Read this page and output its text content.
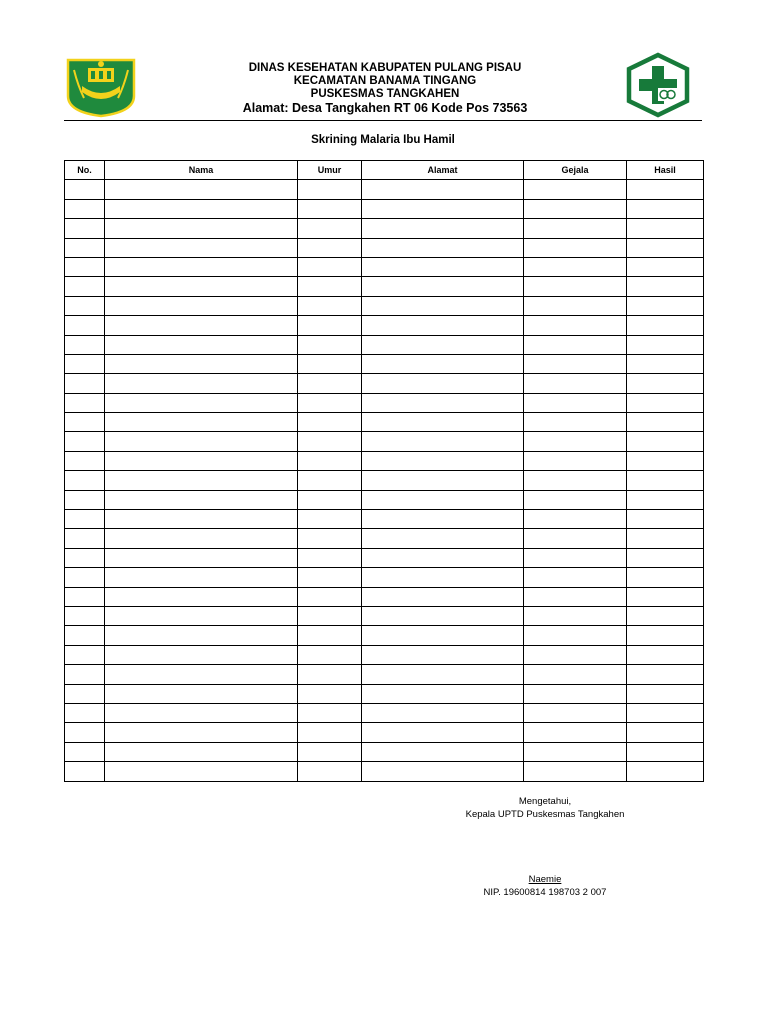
DINAS KESEHATAN KABUPATEN PULANG PISAU
KECAMATAN BANAMA TINGANG
PUSKESMAS TANGKAHEN
Alamat: Desa Tangkahen RT 06 Kode Pos 73563
Skrining Malaria Ibu Hamil
No.	Nama	Umur	Alamat	Gejala	Hasil

Mengetahui,
Kepala UPTD Puskesmas Tangkahen
Naemie
NIP. 19600814 198703 2 007
